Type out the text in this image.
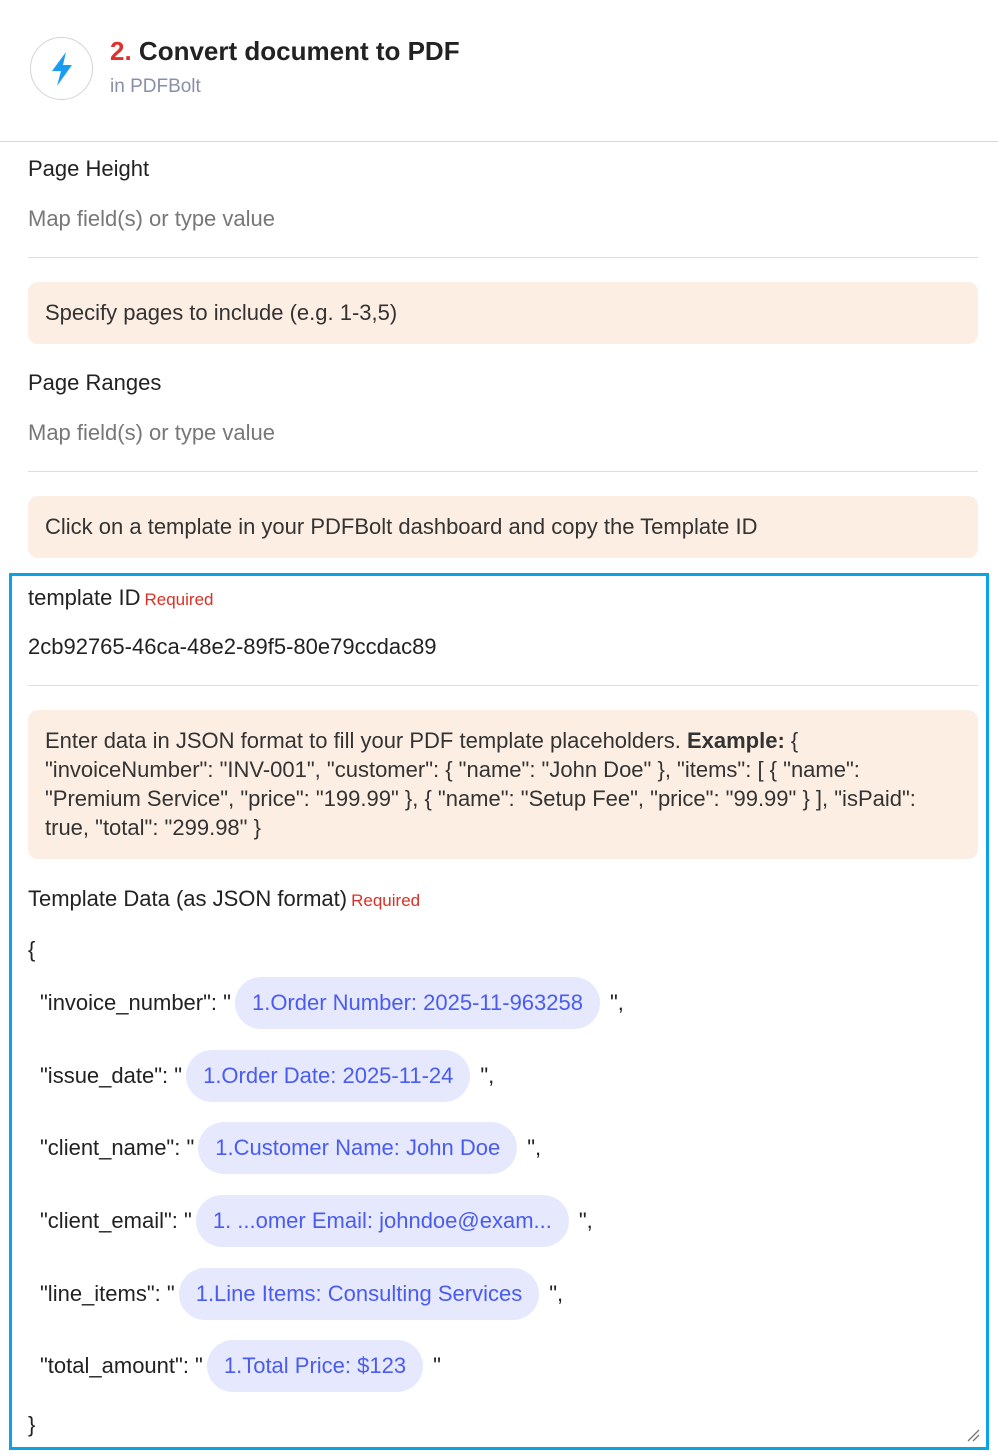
2. Convert document to PDF
in PDFBolt
Page Height
Map field(s) or type value
Specify pages to include (e.g. 1-3,5)
Page Ranges
Map field(s) or type value
Click on a template in your PDFBolt dashboard and copy the Template ID
template ID Required
2cb92765-46ca-48e2-89f5-80e79ccdac89
Enter data in JSON format to fill your PDF template placeholders. Example: { "invoiceNumber": "INV-001", "customer": { "name": "John Doe" }, "items": [ { "name": "Premium Service", "price": "199.99" }, { "name": "Setup Fee", "price": "99.99" } ], "isPaid": true, "total": "299.98" }
Template Data (as JSON format) Required
{
"invoice_number": " 1.Order Number: 2025-11-963258	",
"issue_date": " 1.Order Date: 2025-11-24	",
"client_name": " 1.Customer Name: John Doe	",
"client_email": " 1. ...omer Email: johndoe@exam...	",
"line_items": " 1.Line Items: Consulting Services	",
"total_amount": " 1.Total Price: $123	"
}
